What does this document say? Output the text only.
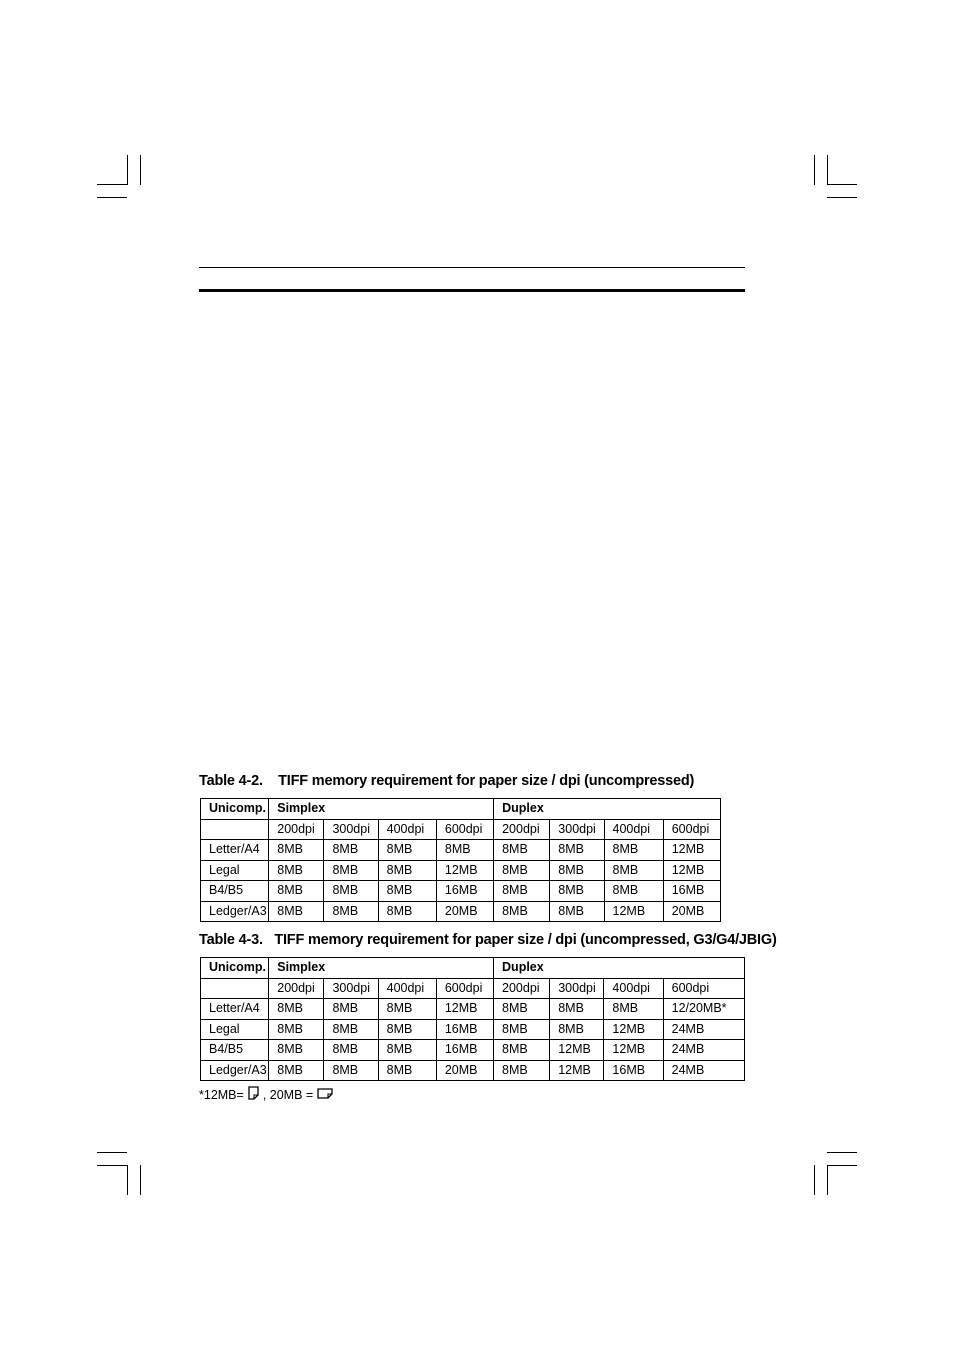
Table 4-2. TIFF memory requirement for paper size / dpi (uncompressed)
Unicomp.	Simplex				Duplex			
	200dpi	300dpi	400dpi	600dpi	200dpi	300dpi	400dpi	600dpi
Letter/A4	8MB	8MB	8MB	8MB	8MB	8MB	8MB	12MB
Legal	8MB	8MB	8MB	12MB	8MB	8MB	8MB	12MB
B4/B5	8MB	8MB	8MB	16MB	8MB	8MB	8MB	16MB
Ledger/A3	8MB	8MB	8MB	20MB	8MB	8MB	12MB	20MB
Table 4-3. TIFF memory requirement for paper size / dpi (uncompressed, G3/G4/JBIG)
Unicomp.	Simplex				Duplex			
	200dpi	300dpi	400dpi	600dpi	200dpi	300dpi	400dpi	600dpi
Letter/A4	8MB	8MB	8MB	12MB	8MB	8MB	8MB	12/20MB*
Legal	8MB	8MB	8MB	16MB	8MB	8MB	12MB	24MB
B4/B5	8MB	8MB	8MB	16MB	8MB	12MB	12MB	24MB
Ledger/A3	8MB	8MB	8MB	20MB	8MB	12MB	16MB	24MB
*12MB= , 20MB =
